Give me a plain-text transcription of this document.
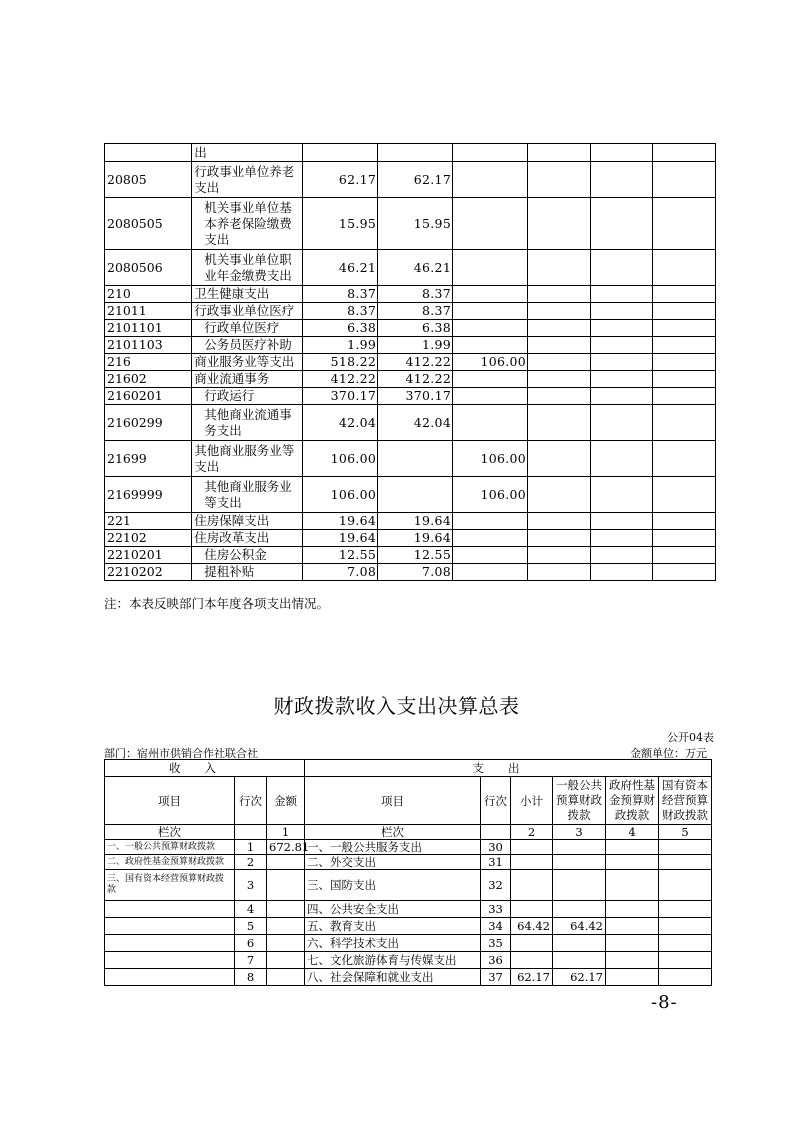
	出						
20805	行政事业单位养老支出	62.17	62.17				
2080505	机关事业单位基本养老保险缴费支出	15.95	15.95				
2080506	机关事业单位职业年金缴费支出	46.21	46.21				
210	卫生健康支出	8.37	8.37				
21011	行政事业单位医疗	8.37	8.37				
2101101	行政单位医疗	6.38	6.38				
2101103	公务员医疗补助	1.99	1.99				
216	商业服务业等支出	518.22	412.22	106.00			
21602	商业流通事务	412.22	412.22				
2160201	行政运行	370.17	370.17				
2160299	其他商业流通事务支出	42.04	42.04				
21699	其他商业服务业等支出	106.00		106.00			
2169999	其他商业服务业等支出	106.00		106.00			
221	住房保障支出	19.64	19.64				
22102	住房改革支出	19.64	19.64				
2210201	住房公积金	12.55	12.55				
2210202	提租补贴	7.08	7.08				
注：本表反映部门本年度各项支出情况。
财政拨款收入支出决算总表
公开04表
部门：宿州市供销合作社联合社	金额单位：万元
收入			支出					
项目	行次	金额	项目	行次	小计	一般公共预算财政拨款	政府性基金预算财政拨款	国有资本经营预算财政拨款
栏次		1	栏次		2	3	4	5
一、一般公共预算财政拨款	1	672.81	一、一般公共服务支出	30				
二、政府性基金预算财政拨款	2		二、外交支出	31				
三、国有资本经营预算财政拨款	3		三、国防支出	32				
	4		四、公共安全支出	33				
	5		五、教育支出	34	64.42	64.42		
	6		六、科学技术支出	35				
	7		七、文化旅游体育与传媒支出	36				
	8		八、社会保障和就业支出	37	62.17	62.17		
-8-
